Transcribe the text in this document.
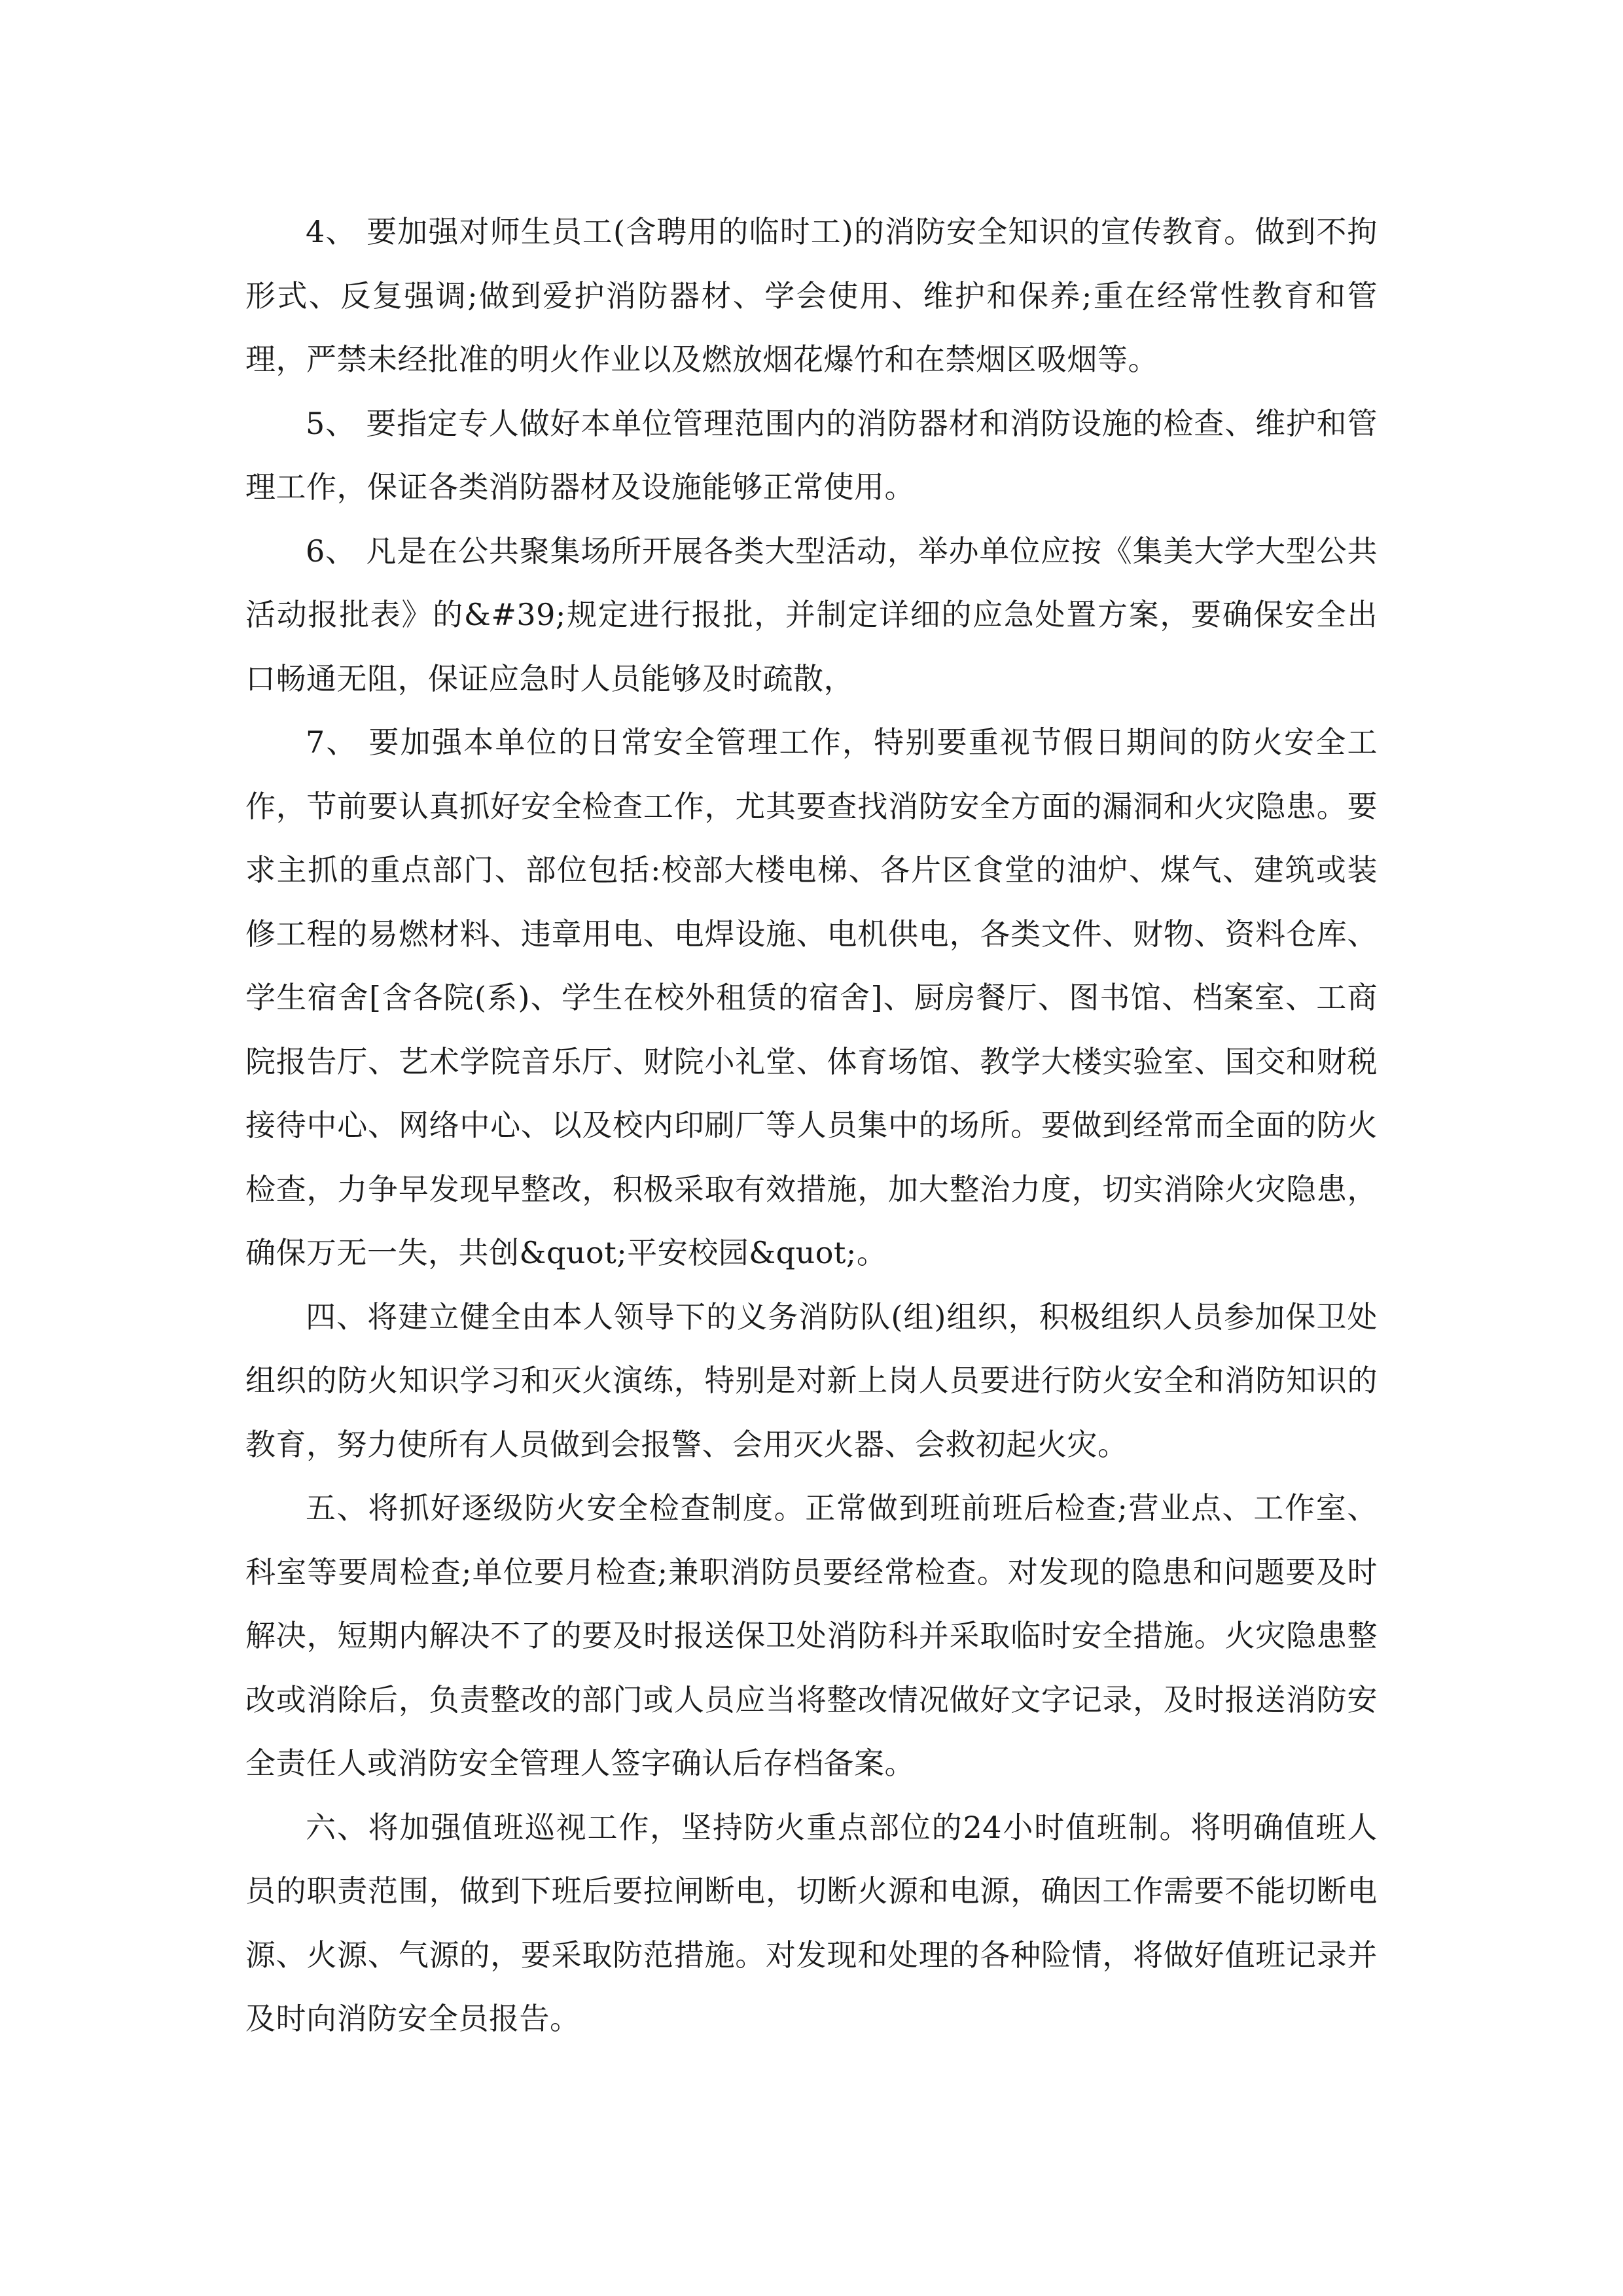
4、 要加强对师生员工(含聘用的临时工)的消防安全知识的宣传教育。做到不拘形式、反复强调;做到爱护消防器材、学会使用、维护和保养;重在经常性教育和管理，严禁未经批准的明火作业以及燃放烟花爆竹和在禁烟区吸烟等。

5、 要指定专人做好本单位管理范围内的消防器材和消防设施的检查、维护和管理工作，保证各类消防器材及设施能够正常使用。

6、 凡是在公共聚集场所开展各类大型活动，举办单位应按《集美大学大型公共活动报批表》的&#39;规定进行报批，并制定详细的应急处置方案，要确保安全出口畅通无阻，保证应急时人员能够及时疏散，

7、 要加强本单位的日常安全管理工作，特别要重视节假日期间的防火安全工作，节前要认真抓好安全检查工作，尤其要查找消防安全方面的漏洞和火灾隐患。要求主抓的重点部门、部位包括:校部大楼电梯、各片区食堂的油炉、煤气、建筑或装修工程的易燃材料、违章用电、电焊设施、电机供电，各类文件、财物、资料仓库、学生宿舍[含各院(系)、学生在校外租赁的宿舍]、厨房餐厅、图书馆、档案室、工商院报告厅、艺术学院音乐厅、财院小礼堂、体育场馆、教学大楼实验室、国交和财税接待中心、网络中心、以及校内印刷厂等人员集中的场所。要做到经常而全面的防火检查，力争早发现早整改，积极采取有效措施，加大整治力度，切实消除火灾隐患，确保万无一失，共创&quot;平安校园&quot;。

四、将建立健全由本人领导下的义务消防队(组)组织，积极组织人员参加保卫处组织的防火知识学习和灭火演练，特别是对新上岗人员要进行防火安全和消防知识的教育，努力使所有人员做到会报警、会用灭火器、会救初起火灾。

五、将抓好逐级防火安全检查制度。正常做到班前班后检查;营业点、工作室、科室等要周检查;单位要月检查;兼职消防员要经常检查。对发现的隐患和问题要及时解决，短期内解决不了的要及时报送保卫处消防科并采取临时安全措施。火灾隐患整改或消除后，负责整改的部门或人员应当将整改情况做好文字记录，及时报送消防安全责任人或消防安全管理人签字确认后存档备案。

六、将加强值班巡视工作，坚持防火重点部位的24小时值班制。将明确值班人员的职责范围，做到下班后要拉闸断电，切断火源和电源，确因工作需要不能切断电源、火源、气源的，要采取防范措施。对发现和处理的各种险情，将做好值班记录并及时向消防安全员报告。
